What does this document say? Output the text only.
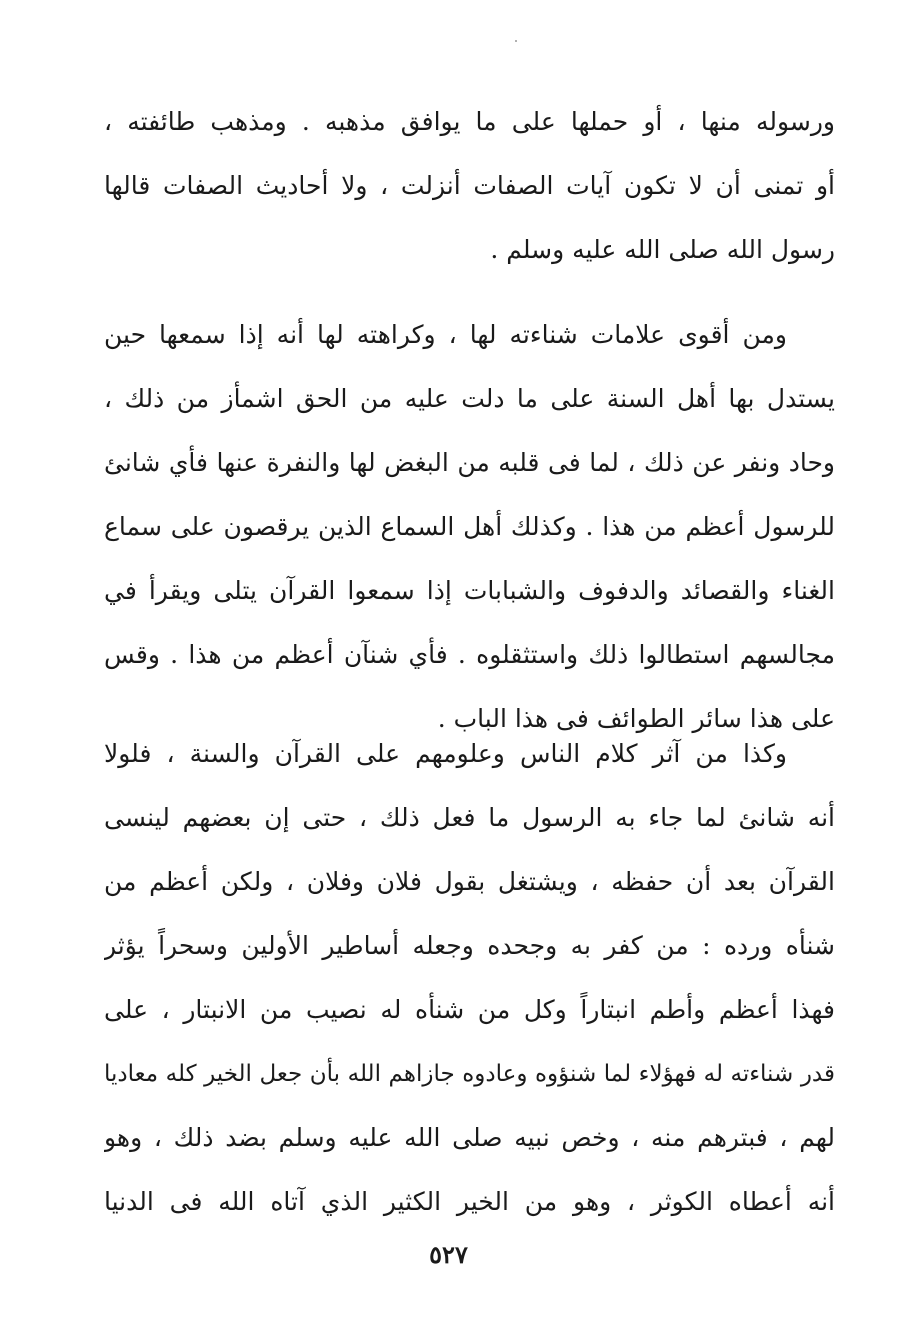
ورسوله منها ، أو حملها على ما يوافق مذهبه . ومذهب طائفته ،
أو تمنى أن لا تكون آيات الصفات أنزلت ، ولا أحاديث الصفات قالها
رسول الله صلى الله عليه وسلم .
ومن أقوى علامات شناءته لها ، وكراهته لها أنه إذا سمعها حين
يستدل بها أهل السنة على ما دلت عليه من الحق اشمأز من ذلك ،
وحاد ونفر عن ذلك ، لما فى قلبه من البغض لها والنفرة عنها فأي شانئ
للرسول أعظم من هذا . وكذلك أهل السماع الذين يرقصون على سماع
الغناء والقصائد والدفوف والشبابات إذا سمعوا القرآن يتلى ويقرأ في
مجالسهم استطالوا ذلك واستثقلوه . فأي شنآن أعظم من هذا . وقس
على هذا سائر الطوائف فى هذا الباب .
وكذا من آثر كلام الناس وعلومهم على القرآن والسنة ، فلولا
أنه شانئ لما جاء به الرسول ما فعل ذلك ، حتى إن بعضهم لينسى
القرآن بعد أن حفظه ، ويشتغل بقول فلان وفلان ، ولكن أعظم من
شنأه ورده : من كفر به وجحده وجعله أساطير الأولين وسحراً يؤثر
فهذا أعظم وأطم انبتاراً وكل من شنأه له نصيب من الانبتار ، على
قدر شناءته له فهؤلاء لما شنؤوه وعادوه جازاهم الله بأن جعل الخير كله معاديا
لهم ، فبترهم منه ، وخص نبيه صلى الله عليه وسلم بضد ذلك ، وهو
أنه أعطاه الكوثر ، وهو من الخير الكثير الذي آتاه الله فى الدنيا
٥٢٧
